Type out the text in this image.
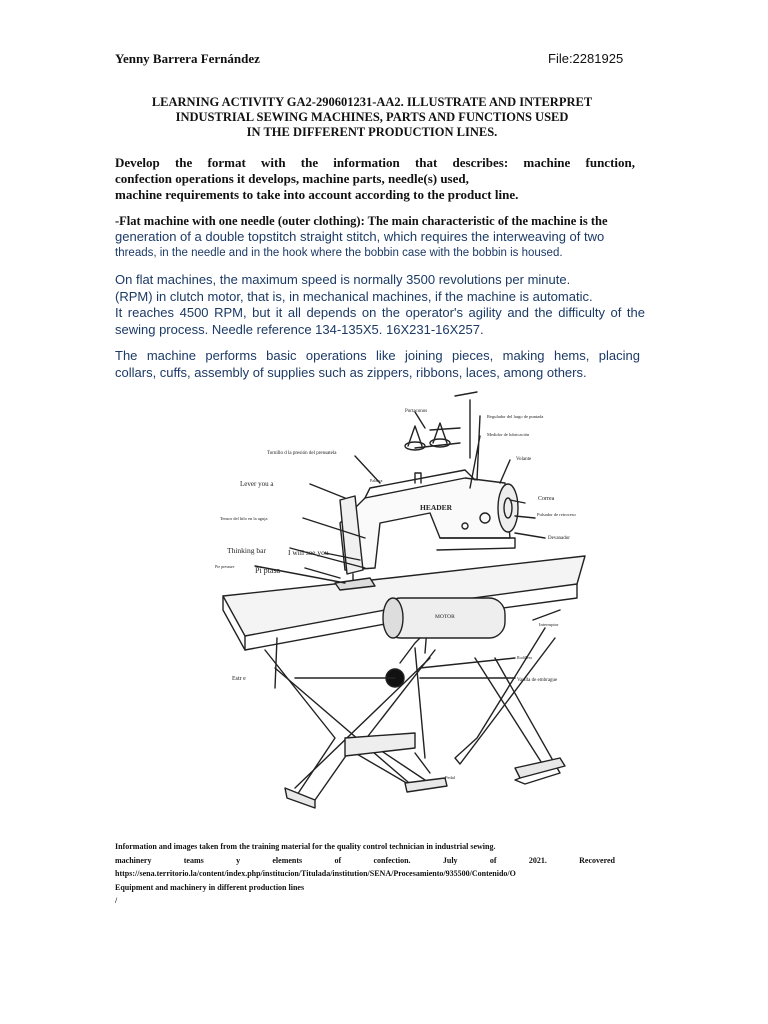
Yenny Barrera Fernández	File:2281925
LEARNING ACTIVITY GA2-290601231-AA2. ILLUSTRATE AND INTERPRET
INDUSTRIAL SEWING MACHINES, PARTS AND FUNCTIONS USED
IN THE DIFFERENT PRODUCTION LINES.
Develop the format with the information that describes: machine function,
confection operations it develops, machine parts, needle(s) used,
machine requirements to take into account according to the product line.
-Flat machine with one needle (outer clothing): The main characteristic of the machine is the
generation of a double topstitch straight stitch, which requires the interweaving of two

threads, in the needle and in the hook where the bobbin case with the bobbin is housed.
On flat machines, the maximum speed is normally 3500 revolutions per minute.
(RPM) in clutch motor, that is, in mechanical machines, if the machine is automatic.
It reaches 4500 RPM, but it all depends on the operator's agility and the difficulty of the
sewing process. Needle reference 134-135X5. 16X231-16X257.
The machine performs basic operations like joining pieces, making hems, placing
collars, cuffs, assembly of supplies such as zippers, ribbons, laces, among others.
Portaconos
Regulador del largo de puntada
Medidor de lubricación
Volante
Tornillo d la presión del prensatela
Palanca
Lever you a
Correa
Pulsador de retroceso
Tensor del hilo en la aguja
Devanador
Thinking bar	I will see you
HEADER
Pie pressure	Pi ptasa
MOTOR
Interruptor
Rodillera
Estr e	Varilla de embrague
Pedal
Information and images taken from the training material for the quality control technician in industrial sewing.
machinery teams y elements of confection. July of 2021. Recovered
https://sena.territorio.la/content/index.php/institucion/Titulada/institution/SENA/Procesamiento/935500/Contenido/O
Equipment and machinery in different production lines
/
